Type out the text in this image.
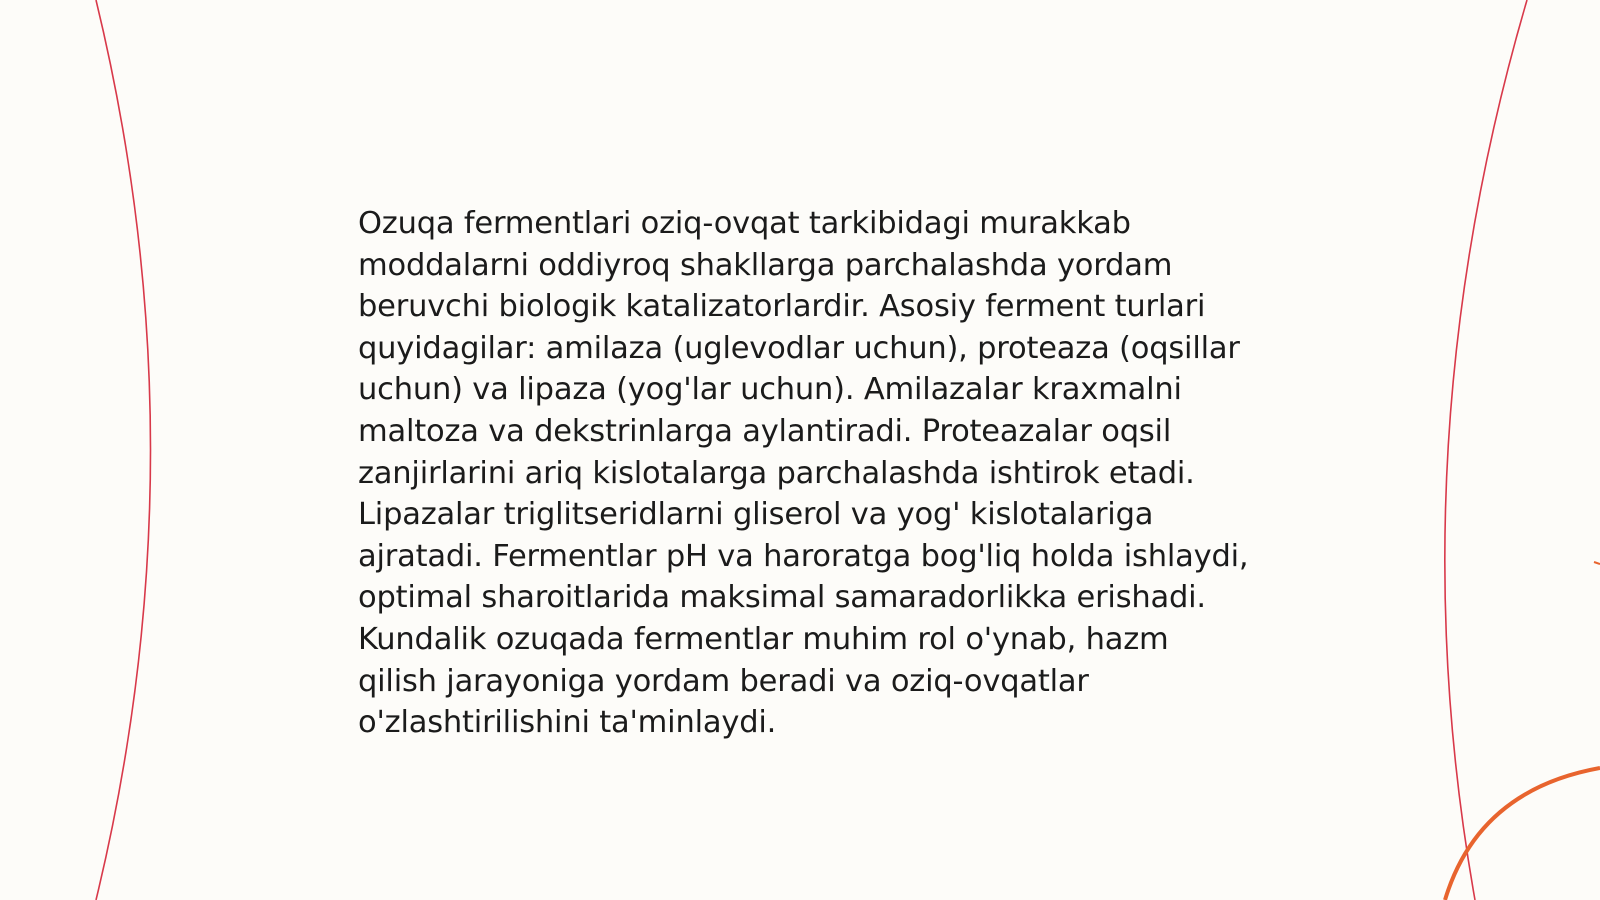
Ozuqa fermentlari oziq-ovqat tarkibidagi murakkab moddalarni oddiyroq shakllarga parchalashda yordam beruvchi biologik katalizatorlardir. Asosiy ferment turlari quyidagilar: amilaza (uglevodlar uchun), proteaza (oqsillar uchun) va lipaza (yog'lar uchun). Amilazalar kraxmalni maltoza va dekstrinlarga aylantiradi. Proteazalar oqsil zanjirlarini ariq kislotalarga parchalashda ishtirok etadi. Lipazalar triglitseridlarni gliserol va yog' kislotalariga ajratadi. Fermentlar pH va haroratga bog'liq holda ishlaydi, optimal sharoitlarida maksimal samaradorlikka erishadi. Kundalik ozuqada fermentlar muhim rol o'ynab, hazm qilish jarayoniga yordam beradi va oziq-ovqatlar o'zlashtirilishini ta'minlaydi.
